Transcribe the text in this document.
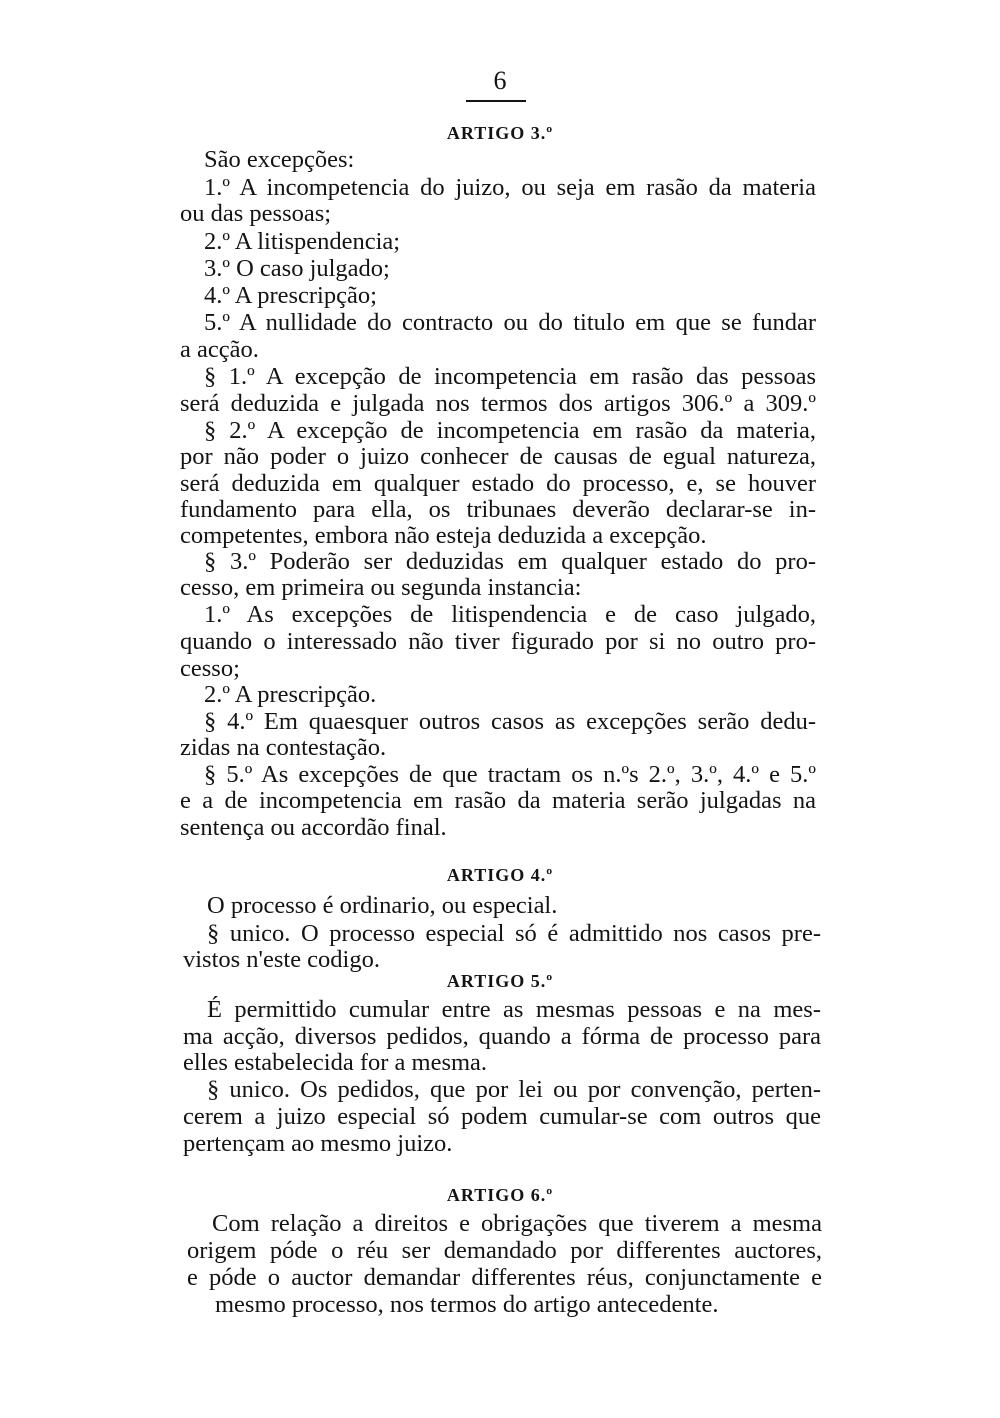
6
ARTIGO 3.º
São excepções:
1.º A incompetencia do juizo, ou seja em rasão da materia
ou das pessoas;
2.º A litispendencia;
3.º O caso julgado;
4.º A prescripção;
5.º A nullidade do contracto ou do titulo em que se fundar
a acção.
§ 1.º A excepção de incompetencia em rasão das pessoas
será deduzida e julgada nos termos dos artigos 306.º a 309.º
§ 2.º A excepção de incompetencia em rasão da materia,
por não poder o juizo conhecer de causas de egual natureza,
será deduzida em qualquer estado do processo, e, se houver
fundamento para ella, os tribunaes deverão declarar-se in-
competentes, embora não esteja deduzida a excepção.
§ 3.º Poderão ser deduzidas em qualquer estado do pro-
cesso, em primeira ou segunda instancia:
1.º As excepções de litispendencia e de caso julgado,
quando o interessado não tiver figurado por si no outro pro-
cesso;
2.º A prescripção.
§ 4.º Em quaesquer outros casos as excepções serão dedu-
zidas na contestação.
§ 5.º As excepções de que tractam os n.ºs 2.º, 3.º, 4.º e 5.º
e a de incompetencia em rasão da materia serão julgadas na
sentença ou accordão final.
ARTIGO 4.º
O processo é ordinario, ou especial.
§ unico. O processo especial só é admittido nos casos pre-
vistos n'este codigo.
ARTIGO 5.º
É permittido cumular entre as mesmas pessoas e na mes-
ma acção, diversos pedidos, quando a fórma de processo para
elles estabelecida for a mesma.
§ unico. Os pedidos, que por lei ou por convenção, perten-
cerem a juizo especial só podem cumular-se com outros que
pertençam ao mesmo juizo.
ARTIGO 6.º
Com relação a direitos e obrigações que tiverem a mesma
origem póde o réu ser demandado por differentes auctores,
e póde o auctor demandar differentes réus, conjunctamente e
mesmo processo, nos termos do artigo antecedente.
